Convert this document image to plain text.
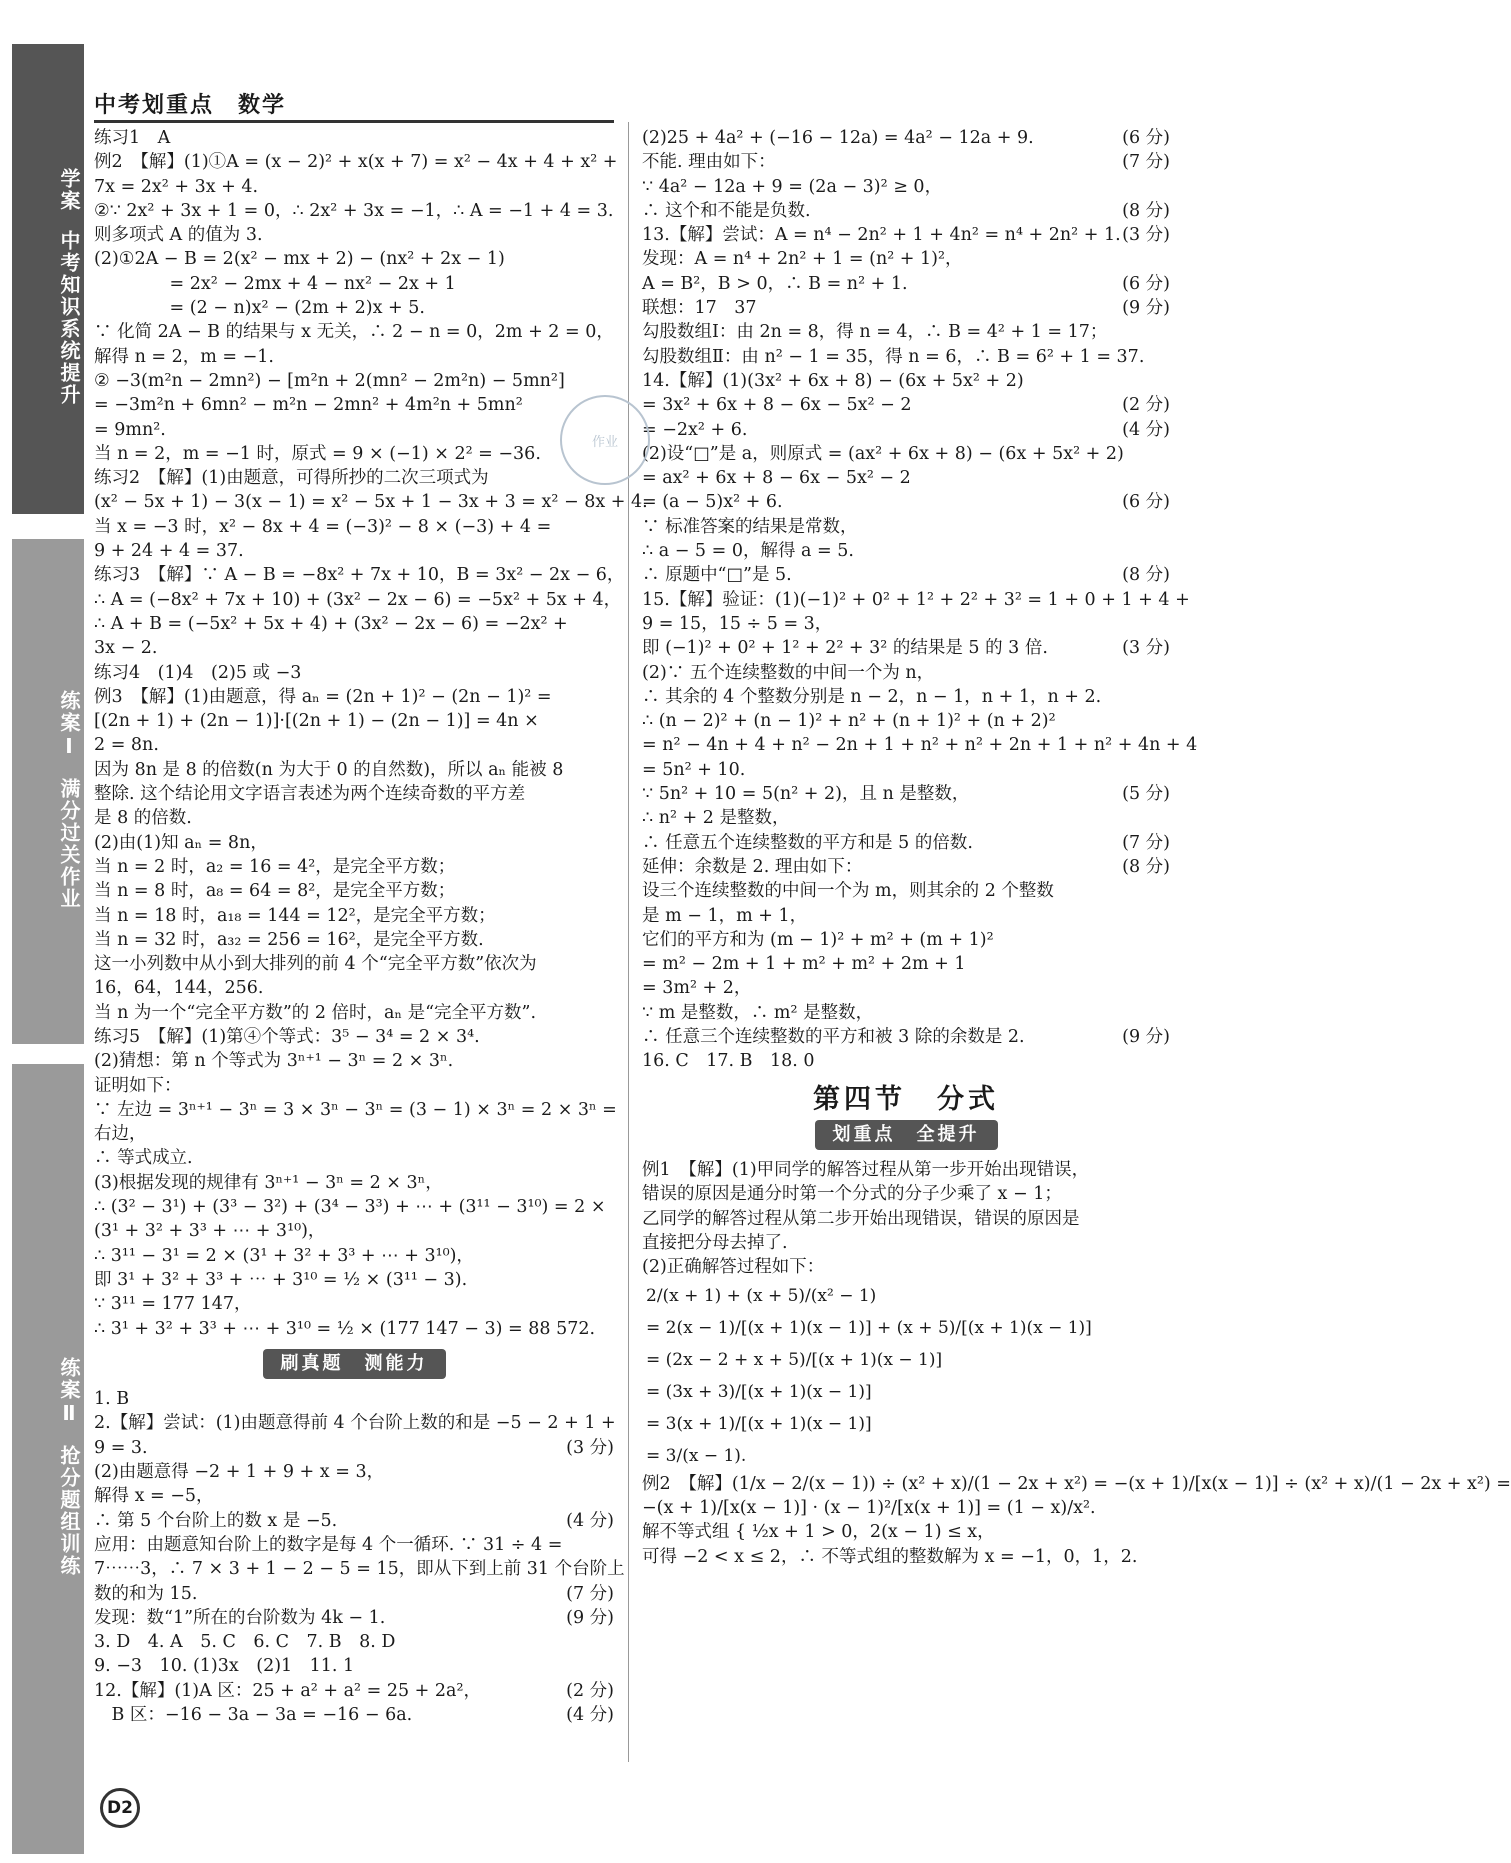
学案
中考知识系统提升
练案Ⅰ
满分过关作业
练案Ⅱ
抢分题组训练
中考划重点　数学
练习1　A
例2　【解】(1)①A = (x − 2)² + x(x + 7) = x² − 4x + 4 + x² +
7x = 2x² + 3x + 4.
②∵ 2x² + 3x + 1 = 0，∴ 2x² + 3x = −1，∴ A = −1 + 4 = 3.
则多项式 A 的值为 3.
(2)①2A − B = 2(x² − mx + 2) − (nx² + 2x − 1)
　　　　 = 2x² − 2mx + 4 − nx² − 2x + 1
　　　　 = (2 − n)x² − (2m + 2)x + 5.
∵ 化简 2A − B 的结果与 x 无关，∴ 2 − n = 0，2m + 2 = 0，
解得 n = 2，m = −1.
② −3(m²n − 2mn²) − [m²n + 2(mn² − 2m²n) − 5mn²]
= −3m²n + 6mn² − m²n − 2mn² + 4m²n + 5mn²
= 9mn².
当 n = 2，m = −1 时，原式 = 9 × (−1) × 2² = −36.
练习2　【解】(1)由题意，可得所抄的二次三项式为
(x² − 5x + 1) − 3(x − 1) = x² − 5x + 1 − 3x + 3 = x² − 8x + 4.
当 x = −3 时，x² − 8x + 4 = (−3)² − 8 × (−3) + 4 =
9 + 24 + 4 = 37.
练习3　【解】∵ A − B = −8x² + 7x + 10，B = 3x² − 2x − 6，
∴ A = (−8x² + 7x + 10) + (3x² − 2x − 6) = −5x² + 5x + 4，
∴ A + B = (−5x² + 5x + 4) + (3x² − 2x − 6) = −2x² +
3x − 2.
练习4　(1)4　(2)5 或 −3
例3　【解】(1)由题意，得 aₙ = (2n + 1)² − (2n − 1)² =
[(2n + 1) + (2n − 1)]·[(2n + 1) − (2n − 1)] = 4n ×
2 = 8n.
因为 8n 是 8 的倍数(n 为大于 0 的自然数)，所以 aₙ 能被 8
整除. 这个结论用文字语言表述为两个连续奇数的平方差
是 8 的倍数.
(2)由(1)知 aₙ = 8n，
当 n = 2 时，a₂ = 16 = 4²，是完全平方数；
当 n = 8 时，a₈ = 64 = 8²，是完全平方数；
当 n = 18 时，a₁₈ = 144 = 12²，是完全平方数；
当 n = 32 时，a₃₂ = 256 = 16²，是完全平方数.
这一小列数中从小到大排列的前 4 个“完全平方数”依次为
16，64，144，256.
当 n 为一个“完全平方数”的 2 倍时，aₙ 是“完全平方数”.
练习5　【解】(1)第④个等式：3⁵ − 3⁴ = 2 × 3⁴.
(2)猜想：第 n 个等式为 3ⁿ⁺¹ − 3ⁿ = 2 × 3ⁿ.
证明如下：
∵ 左边 = 3ⁿ⁺¹ − 3ⁿ = 3 × 3ⁿ − 3ⁿ = (3 − 1) × 3ⁿ = 2 × 3ⁿ =
右边，
∴ 等式成立.
(3)根据发现的规律有 3ⁿ⁺¹ − 3ⁿ = 2 × 3ⁿ，
∴ (3² − 3¹) + (3³ − 3²) + (3⁴ − 3³) + ⋯ + (3¹¹ − 3¹⁰) = 2 ×
(3¹ + 3² + 3³ + ⋯ + 3¹⁰)，
∴ 3¹¹ − 3¹ = 2 × (3¹ + 3² + 3³ + ⋯ + 3¹⁰)，
即 3¹ + 3² + 3³ + ⋯ + 3¹⁰ = ½ × (3¹¹ − 3).
∵ 3¹¹ = 177 147，
∴ 3¹ + 3² + 3³ + ⋯ + 3¹⁰ = ½ × (177 147 − 3) = 88 572.
刷真题　测能力
1. B
2.【解】尝试：(1)由题意得前 4 个台阶上数的和是 −5 − 2 + 1 +
9 = 3.	(3 分)
(2)由题意得 −2 + 1 + 9 + x = 3，
解得 x = −5，
∴ 第 5 个台阶上的数 x 是 −5.	(4 分)
应用：由题意知台阶上的数字是每 4 个一循环. ∵ 31 ÷ 4 =
7⋯⋯3，∴ 7 × 3 + 1 − 2 − 5 = 15，即从下到上前 31 个台阶上
数的和为 15.	(7 分)
发现：数“1”所在的台阶数为 4k − 1.	(9 分)
3. D　4. A　5. C　6. C　7. B　8. D
9. −3　10. (1)3x　(2)1　11. 1
12.【解】(1)A 区：25 + a² + a² = 25 + 2a²，	(2 分)
　B 区：−16 − 3a − 3a = −16 − 6a.	(4 分)
(2)25 + 4a² + (−16 − 12a) = 4a² − 12a + 9.	(6 分)
不能. 理由如下：	(7 分)
∵ 4a² − 12a + 9 = (2a − 3)² ≥ 0，
∴ 这个和不能是负数.	(8 分)
13.【解】尝试：A = n⁴ − 2n² + 1 + 4n² = n⁴ + 2n² + 1. (3 分)
发现：A = n⁴ + 2n² + 1 = (n² + 1)²，
A = B²，B > 0，∴ B = n² + 1.	(6 分)
联想：17　37	(9 分)
勾股数组Ⅰ：由 2n = 8，得 n = 4，∴ B = 4² + 1 = 17；
勾股数组Ⅱ：由 n² − 1 = 35，得 n = 6，∴ B = 6² + 1 = 37.
14.【解】(1)(3x² + 6x + 8) − (6x + 5x² + 2)
= 3x² + 6x + 8 − 6x − 5x² − 2	(2 分)
= −2x² + 6.	(4 分)
(2)设“□”是 a，则原式 = (ax² + 6x + 8) − (6x + 5x² + 2)
= ax² + 6x + 8 − 6x − 5x² − 2
= (a − 5)x² + 6.	(6 分)
∵ 标准答案的结果是常数，
∴ a − 5 = 0，解得 a = 5.
∴ 原题中“□”是 5.	(8 分)
15.【解】验证：(1)(−1)² + 0² + 1² + 2² + 3² = 1 + 0 + 1 + 4 +
9 = 15，15 ÷ 5 = 3，
即 (−1)² + 0² + 1² + 2² + 3² 的结果是 5 的 3 倍.	(3 分)
(2)∵ 五个连续整数的中间一个为 n，
∴ 其余的 4 个整数分别是 n − 2，n − 1，n + 1，n + 2.
∴ (n − 2)² + (n − 1)² + n² + (n + 1)² + (n + 2)²
= n² − 4n + 4 + n² − 2n + 1 + n² + n² + 2n + 1 + n² + 4n + 4
= 5n² + 10.
∵ 5n² + 10 = 5(n² + 2)，且 n 是整数，	(5 分)
∴ n² + 2 是整数，
∴ 任意五个连续整数的平方和是 5 的倍数.	(7 分)
延伸：余数是 2. 理由如下：	(8 分)
设三个连续整数的中间一个为 m，则其余的 2 个整数
是 m − 1，m + 1，
它们的平方和为 (m − 1)² + m² + (m + 1)²
= m² − 2m + 1 + m² + m² + 2m + 1
= 3m² + 2，
∵ m 是整数，∴ m² 是整数，
∴ 任意三个连续整数的平方和被 3 除的余数是 2.	(9 分)
16. C　17. B　18. 0
第四节　分式
划重点　全提升
例1　【解】(1)甲同学的解答过程从第一步开始出现错误，
错误的原因是通分时第一个分式的分子少乘了 x − 1；
乙同学的解答过程从第二步开始出现错误，错误的原因是
直接把分母去掉了.
(2)正确解答过程如下：
2/(x + 1) + (x + 5)/(x² − 1)
= 2(x − 1)/[(x + 1)(x − 1)] + (x + 5)/[(x + 1)(x − 1)]
= (2x − 2 + x + 5)/[(x + 1)(x − 1)]
= (3x + 3)/[(x + 1)(x − 1)]
= 3(x + 1)/[(x + 1)(x − 1)]
= 3/(x − 1).
例2　【解】(1/x − 2/(x − 1)) ÷ (x² + x)/(1 − 2x + x²) = −(x + 1)/[x(x − 1)] ÷ (x² + x)/(1 − 2x + x²) =
−(x + 1)/[x(x − 1)] · (x − 1)²/[x(x + 1)] = (1 − x)/x².
解不等式组 { ½x + 1 > 0，2(x − 1) ≤ x，
可得 −2 < x ≤ 2，∴ 不等式组的整数解为 x = −1，0，1，2.
作业
D2
